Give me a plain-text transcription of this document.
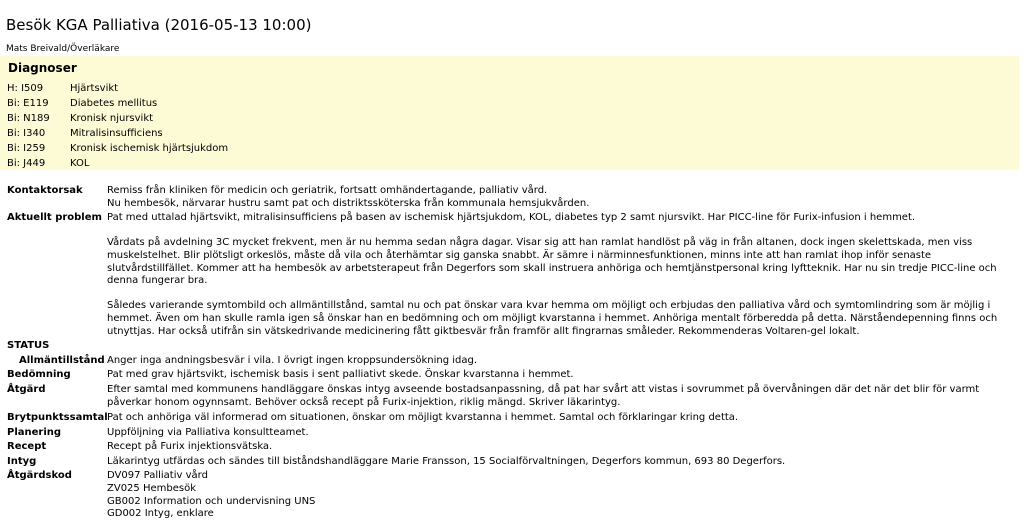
Besök KGA Palliativa (2016-05-13 10:00)
Mats Breivald/Överläkare
Diagnoser
H: I509	Hjärtsvikt
Bi: E119 Diabetes mellitus
Bi: N189 Kronisk njursvikt
Bi: I340 Mitralisinsufficiens
Bi: I259 Kronisk ischemisk hjärtsjukdom
Bi: J449 KOL
Kontaktorsak Remiss från kliniken för medicin och geriatrik, fortsatt omhändertagande, palliativ vård.
Nu hembesök, närvarar hustru samt pat och distriktssköterska från kommunala hemsjukvården.
Aktuellt problem Pat med uttalad hjärtsvikt, mitralisinsufficiens på basen av ischemisk hjärtsjukdom, KOL, diabetes typ 2 samt njursvikt. Har PICC-line för Furix-infusion i hemmet.
Vårdats på avdelning 3C mycket frekvent, men är nu hemma sedan några dagar. Visar sig att han ramlat handlöst på väg in från altanen, dock ingen skelettskada, men viss muskelstelhet. Blir plötsligt orkeslös, måste då vila och återhämtar sig ganska snabbt. Är sämre i närminnesfunktionen, minns inte att han ramlat ihop inför senaste slutvårdstillfället. Kommer att ha hembesök av arbetsterapeut från Degerfors som skall instruera anhöriga och hemtjänstpersonal kring lyftteknik. Har nu sin tredje PICC-line och denna fungerar bra.
Således varierande symtombild och allmäntillstånd, samtal nu och pat önskar vara kvar hemma om möjligt och erbjudas den palliativa vård och symtomlindring som är möjlig i hemmet. Även om han skulle ramla igen så önskar han en bedömning och om möjligt kvarstanna i hemmet. Anhöriga mentalt förberedda på detta. Närståendepenning finns och utnyttjas. Har också utifrån sin vätskedrivande medicinering fått giktbesvär från framför allt fingrarnas småleder. Rekommenderas Voltaren-gel lokalt.
STATUS
Allmäntillstånd Anger inga andningsbesvär i vila. I övrigt ingen kroppsundersökning idag.
Bedömning	Pat med grav hjärtsvikt, ischemisk basis i sent palliativt skede. Önskar kvarstanna i hemmet.
Åtgärd	Efter samtal med kommunens handläggare önskas intyg avseende bostadsanpassning, då pat har svårt att vistas i sovrummet på övervåningen där det när det blir för varmt påverkar honom ogynnsamt. Behöver också recept på Furix-injektion, riklig mängd. Skriver läkarintyg.
Brytpunktssamtal Pat och anhöriga väl informerad om situationen, önskar om möjligt kvarstanna i hemmet. Samtal och förklaringar kring detta.
Planering	Uppföljning via Palliativa konsultteamet.
Recept	Recept på Furix injektionsvätska.
Intyg	Läkarintyg utfärdas och sändes till biståndshandläggare Marie Fransson, 15 Socialförvaltningen, Degerfors kommun, 693 80 Degerfors.
Åtgärdskod	DV097 Palliativ vård
ZV025 Hembesök
GB002 Information och undervisning UNS
GD002 Intyg, enklare
